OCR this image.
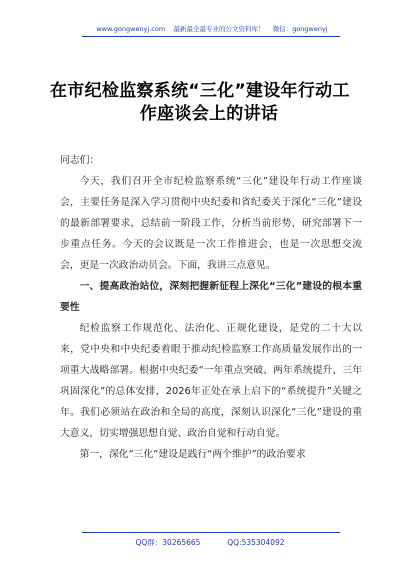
www.gongwenyj.com 最新最全最专业的公文资料库！ 微信：gongwenyj
在市纪检监察系统“三化”建设年行动工
作座谈会上的讲话

同志们：

今天，我们召开全市纪检监察系统“三化”建设年行动工作座谈会，主要任务是深入学习贯彻中央纪委和省纪委关于深化“三化”建设的最新部署要求，总结前一阶段工作，分析当前形势，研究部署下一步重点任务。今天的会议既是一次工作推进会，也是一次思想交流会，更是一次政治动员会。下面，我讲三点意见。

一、提高政治站位，深刻把握新征程上深化“三化”建设的根本重要性

纪检监察工作规范化、法治化、正规化建设，是党的二十大以来，党中央和中央纪委着眼于推动纪检监察工作高质量发展作出的一项重大战略部署。根据中央纪委“一年重点突破、两年系统提升、三年巩固深化”的总体安排，2026年正处在承上启下的“系统提升”关键之年。我们必须站在政治和全局的高度，深刻认识深化“三化”建设的重大意义，切实增强思想自觉、政治自觉和行动自觉。

第一，深化“三化”建设是践行“两个维护”的政治要求

QQ群：30265665	QQ:535304092
